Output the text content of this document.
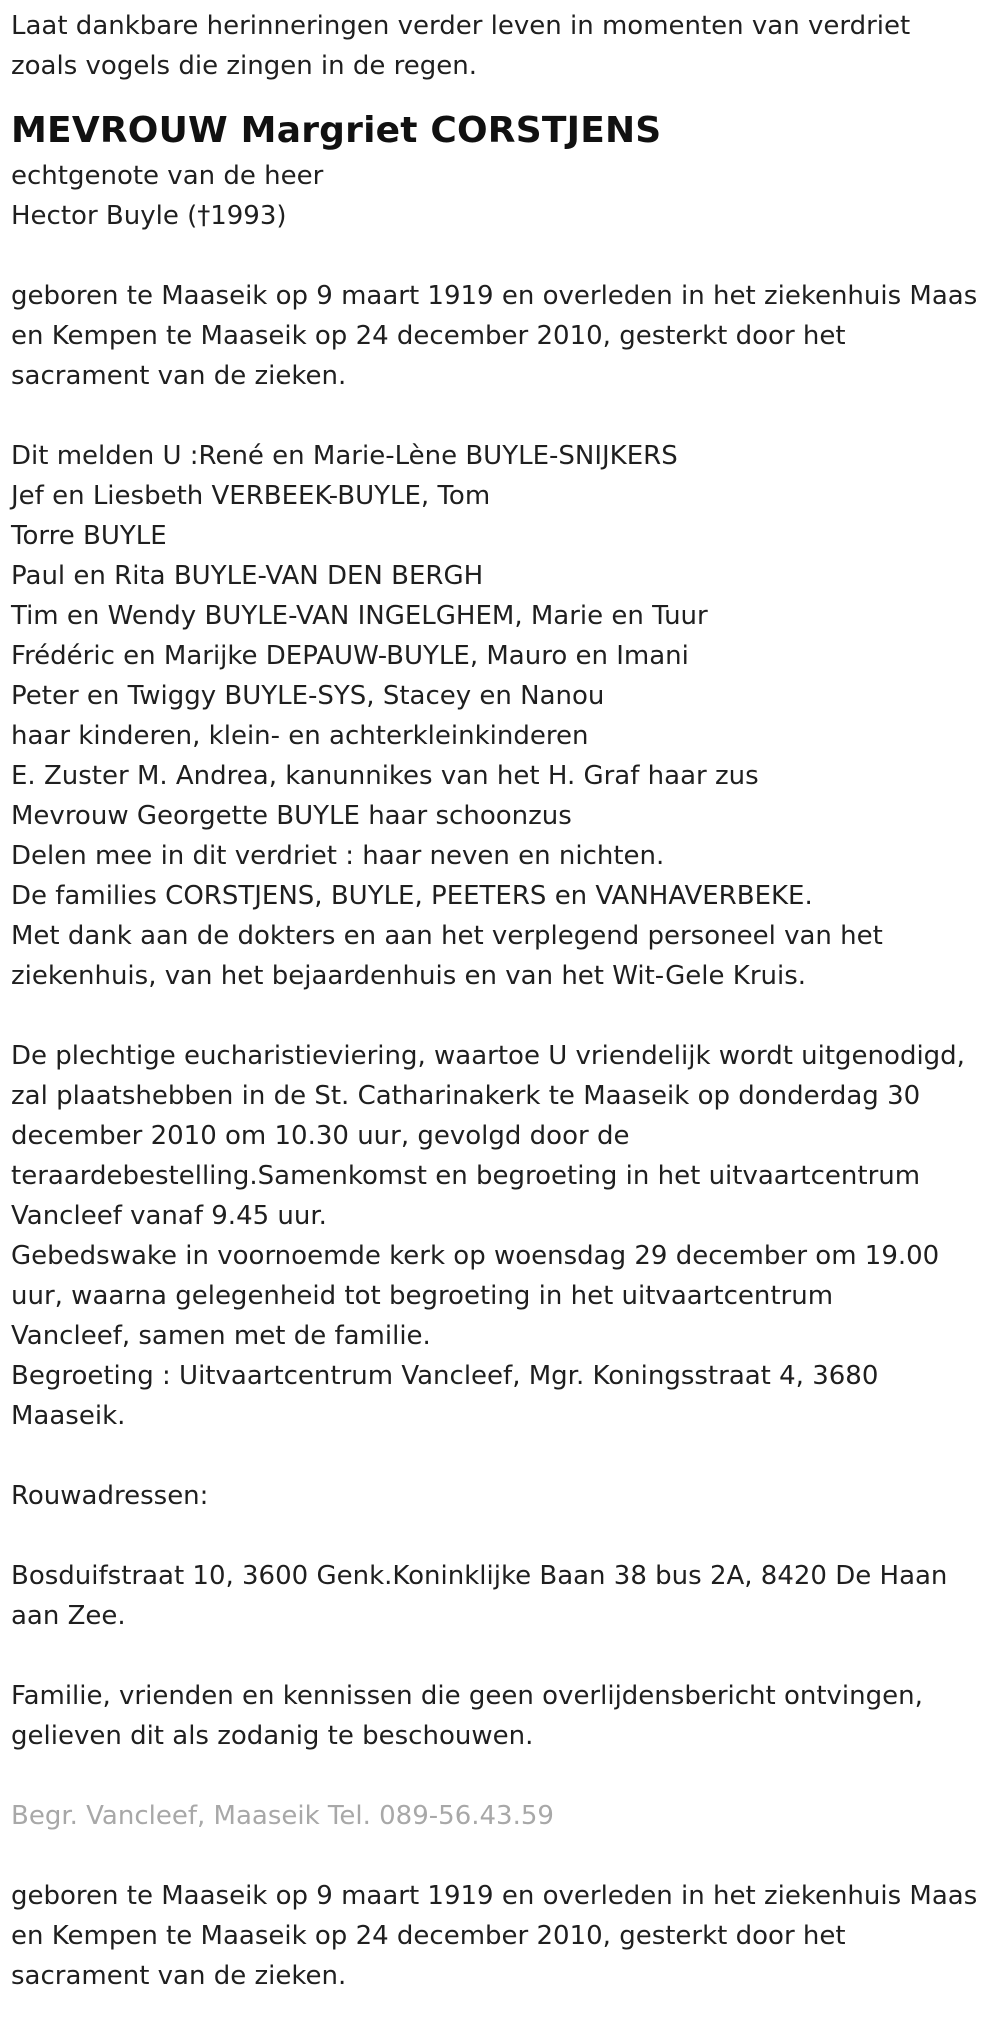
Laat dankbare herinneringen verder leven in momenten van verdriet
zoals vogels die zingen in de regen.
MEVROUW Margriet CORSTJENS
echtgenote van de heer
Hector Buyle (†1993)
geboren te Maaseik op 9 maart 1919 en overleden in het ziekenhuis Maas
en Kempen te Maaseik op 24 december 2010, gesterkt door het
sacrament van de zieken.
Dit melden U :René en Marie-Lène BUYLE-SNIJKERS
Jef en Liesbeth VERBEEK-BUYLE, Tom
Torre BUYLE
Paul en Rita BUYLE-VAN DEN BERGH
Tim en Wendy BUYLE-VAN INGELGHEM, Marie en Tuur
Frédéric en Marijke DEPAUW-BUYLE, Mauro en Imani
Peter en Twiggy BUYLE-SYS, Stacey en Nanou
haar kinderen, klein- en achterkleinkinderen
E. Zuster M. Andrea, kanunnikes van het H. Graf haar zus
Mevrouw Georgette BUYLE haar schoonzus
Delen mee in dit verdriet : haar neven en nichten.
De families CORSTJENS, BUYLE, PEETERS en VANHAVERBEKE.
Met dank aan de dokters en aan het verplegend personeel van het
ziekenhuis, van het bejaardenhuis en van het Wit-Gele Kruis.
De plechtige eucharistieviering, waartoe U vriendelijk wordt uitgenodigd,
zal plaatshebben in de St. Catharinakerk te Maaseik op donderdag 30
december 2010 om 10.30 uur, gevolgd door de
teraardebestelling.Samenkomst en begroeting in het uitvaartcentrum
Vancleef vanaf 9.45 uur.
Gebedswake in voornoemde kerk op woensdag 29 december om 19.00
uur, waarna gelegenheid tot begroeting in het uitvaartcentrum
Vancleef, samen met de familie.
Begroeting : Uitvaartcentrum Vancleef, Mgr. Koningsstraat 4, 3680
Maaseik.
Rouwadressen:
Bosduifstraat 10, 3600 Genk.Koninklijke Baan 38 bus 2A, 8420 De Haan
aan Zee.
Familie, vrienden en kennissen die geen overlijdensbericht ontvingen,
gelieven dit als zodanig te beschouwen.
Begr. Vancleef, Maaseik Tel. 089-56.43.59
geboren te Maaseik op 9 maart 1919 en overleden in het ziekenhuis Maas
en Kempen te Maaseik op 24 december 2010, gesterkt door het
sacrament van de zieken.
